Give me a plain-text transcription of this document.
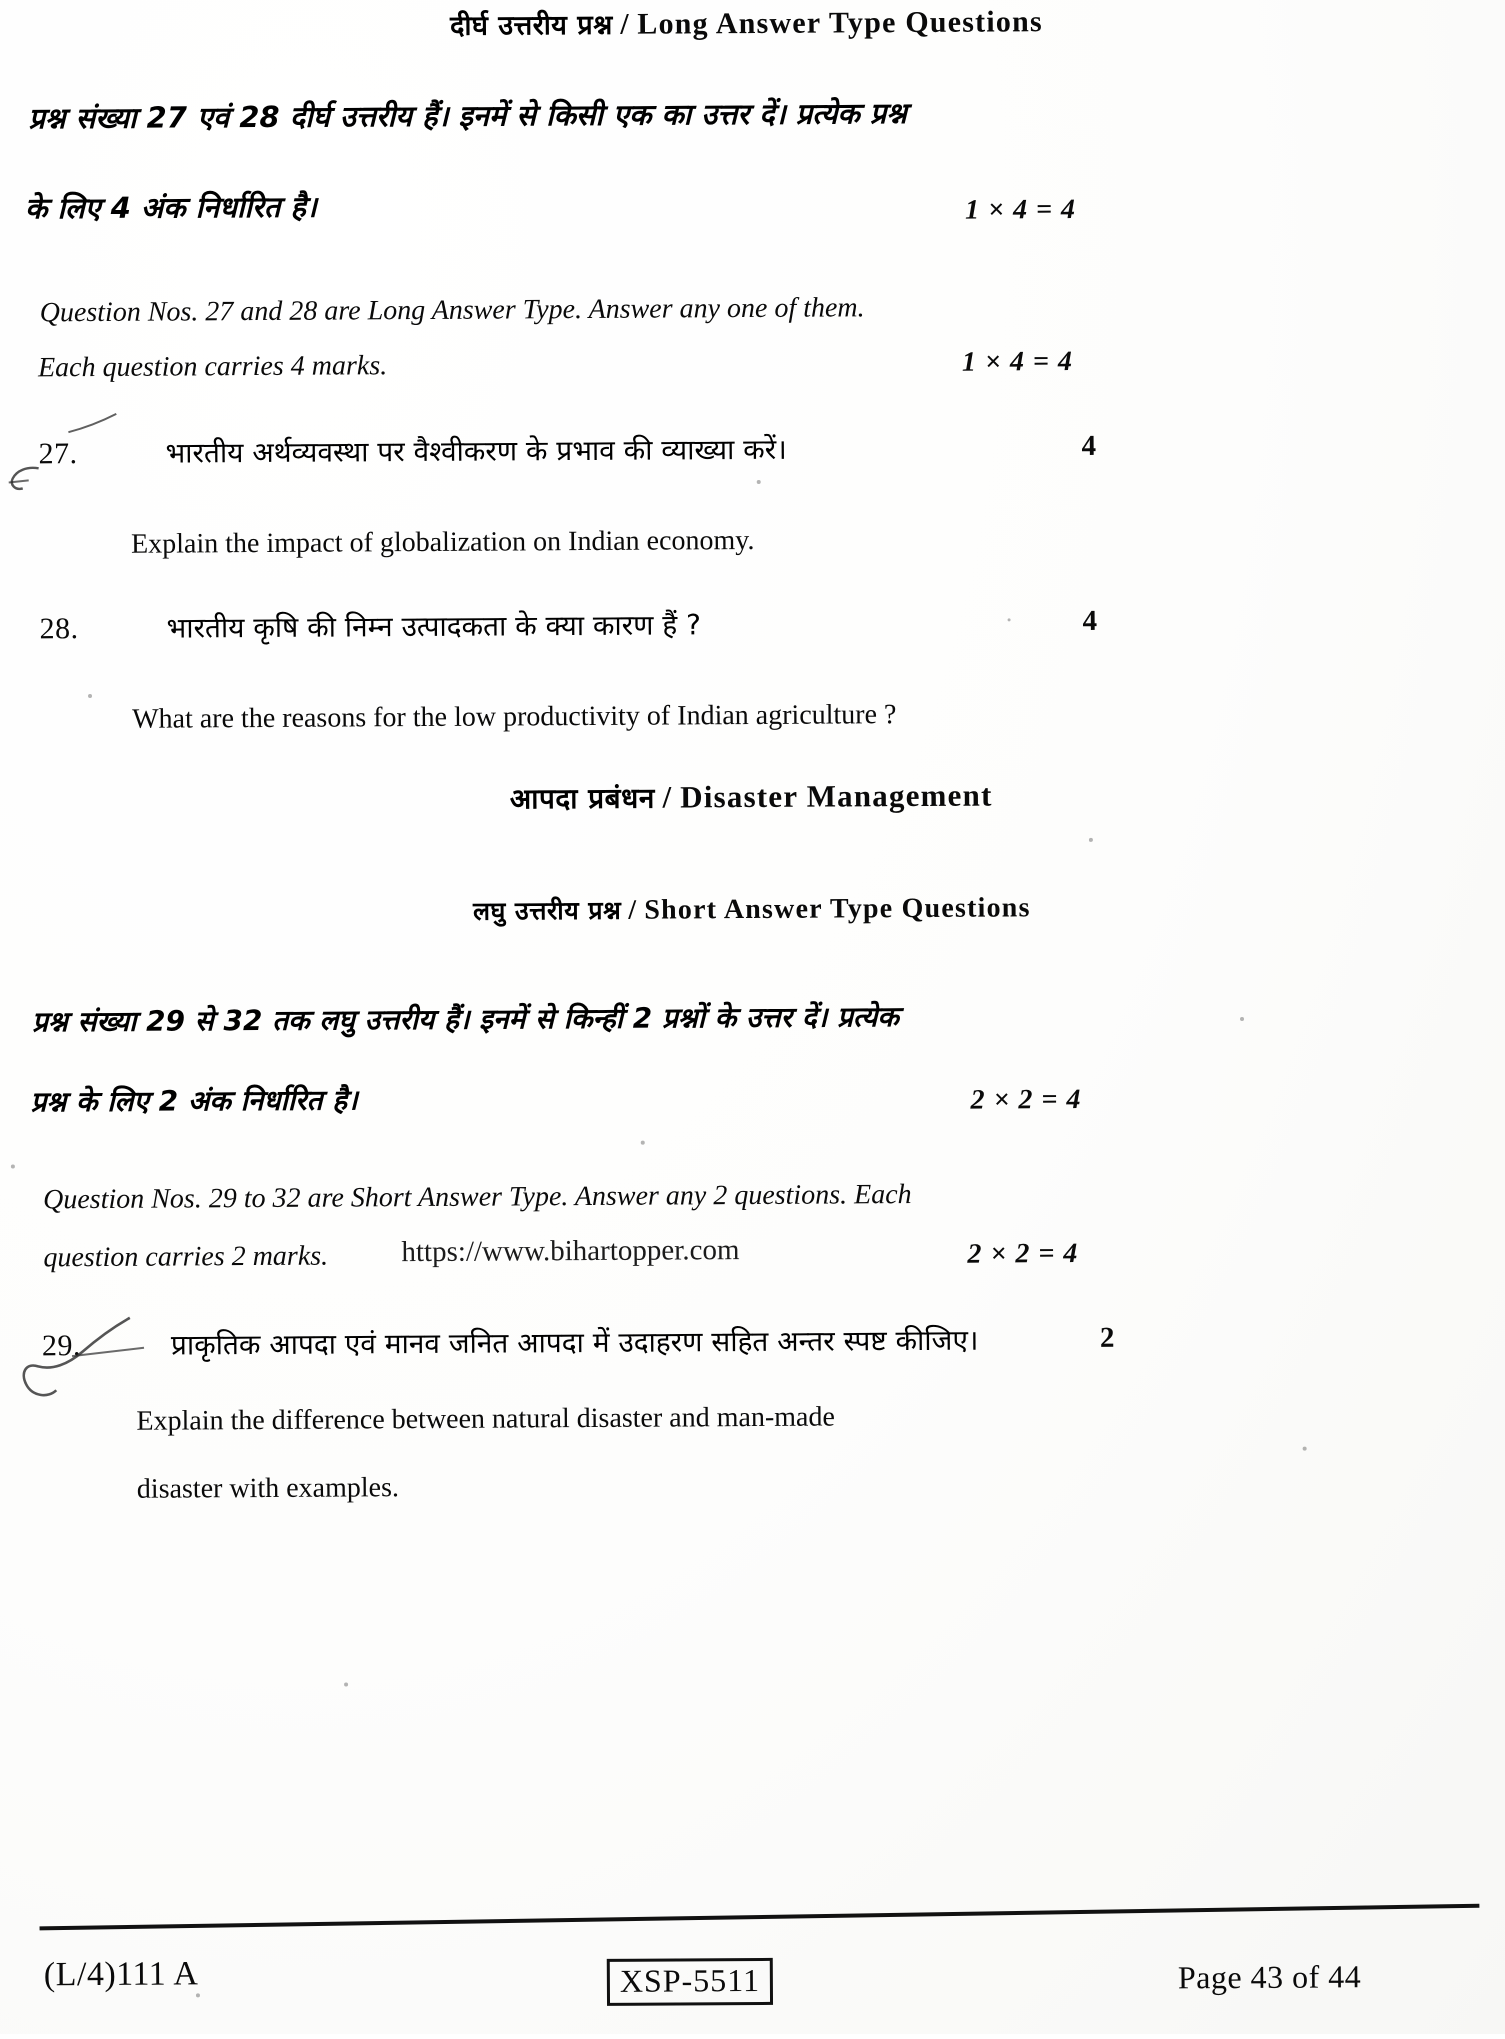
दीर्घ उत्तरीय प्रश्न / Long Answer Type Questions
प्रश्न संख्या 27 एवं 28 दीर्घ उत्तरीय हैं। इनमें से किसी एक का उत्तर दें। प्रत्येक प्रश्न
के लिए 4 अंक निर्धारित है।	1 × 4 = 4
Question Nos. 27 and 28 are Long Answer Type. Answer any one of them.
Each question carries 4 marks.	1 × 4 = 4
27.	भारतीय अर्थव्यवस्था पर वैश्वीकरण के प्रभाव की व्याख्या करें।	4
Explain the impact of globalization on Indian economy.
28.	भारतीय कृषि की निम्न उत्पादकता के क्या कारण हैं ?	4
What are the reasons for the low productivity of Indian agriculture ?
आपदा प्रबंधन / Disaster Management
लघु उत्तरीय प्रश्न / Short Answer Type Questions
प्रश्न संख्या 29 से 32 तक लघु उत्तरीय हैं। इनमें से किन्हीं 2 प्रश्नों के उत्तर दें। प्रत्येक
प्रश्न के लिए 2 अंक निर्धारित है।	2 × 2 = 4
Question Nos. 29 to 32 are Short Answer Type. Answer any 2 questions. Each
question carries 2 marks.	https://www.bihartopper.com	2 × 2 = 4
29.	प्राकृतिक आपदा एवं मानव जनित आपदा में उदाहरण सहित अन्तर स्पष्ट कीजिए।	2
Explain the difference between natural disaster and man-made
disaster with examples.
(L/4)111 A	XSP-5511	Page 43 of 44
